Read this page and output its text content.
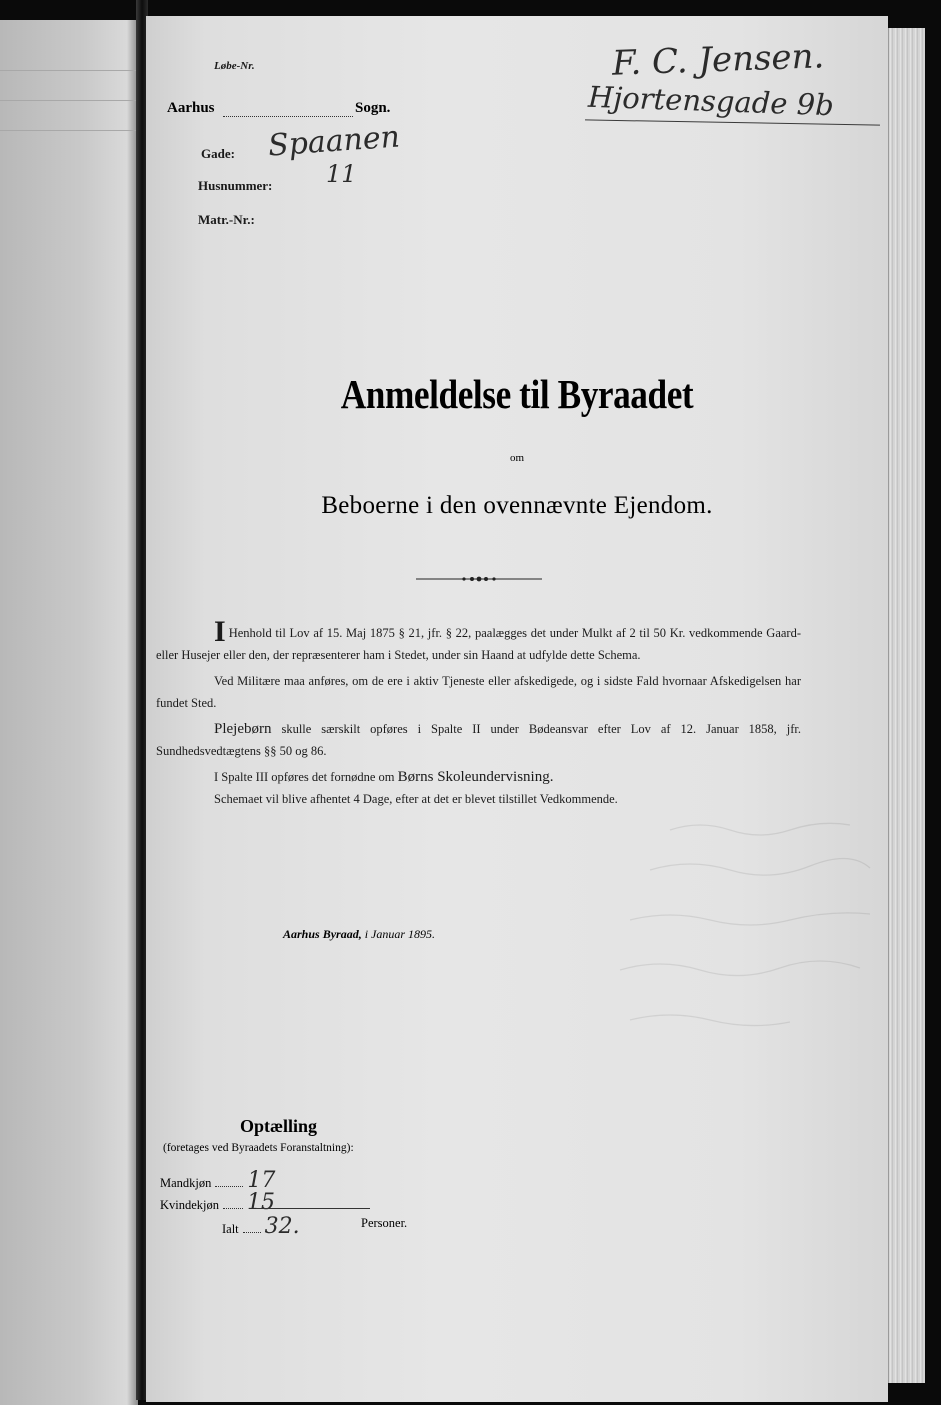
Løbe-Nr.
Aarhus	Sogn.
Gade: Spaanen
Husnummer: 11
Matr.-Nr.:
F. C. Jensen.
Hjortensgade 9b
Anmeldelse til Byraadet
om
Beboerne i den ovennævnte Ejendom.

I Henhold til Lov af 15. Maj 1875 § 21, jfr. § 22, paalægges det under Mulkt af 2 til 50 Kr. vedkommende Gaard- eller Husejer eller den, der repræsenterer ham i Stedet, under sin Haand at udfylde dette Schema.

Ved Militære maa anføres, om de ere i aktiv Tjeneste eller afskedigede, og i sidste Fald hvornaar Afskedigelsen har fundet Sted.

Plejebørn skulle særskilt opføres i Spalte II under Bødeansvar efter Lov af 12. Januar 1858, jfr. Sundhedsvedtægtens §§ 50 og 86.

I Spalte III opføres det fornødne om Børns Skoleundervisning.

Schemaet vil blive afhentet 4 Dage, efter at det er blevet tilstillet Vedkommende.

Aarhus Byraad, i Januar 1895.
Optælling
(foretages ved Byraadets Foranstaltning):
Mandkjøn 17
Kvindekjøn 15
Ialt 32.	Personer.
